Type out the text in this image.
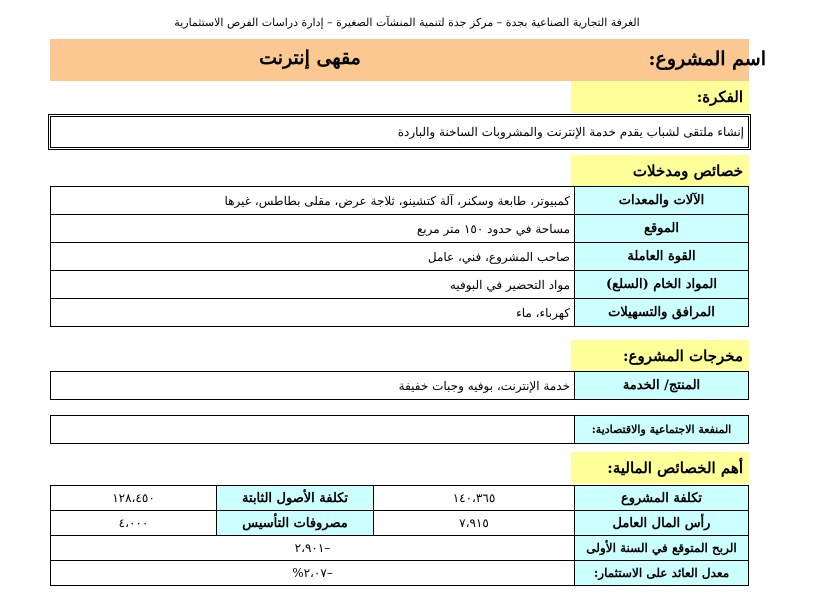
الغرفة التجارية الصناعية بجدة – مركز جدة لتنمية المنشآت الصغيرة – إدارة دراسات الفرص الاستثمارية
اسم المشروع:
مقهى إنترنت
الفكرة:
إنشاء ملتقى لشباب يقدم خدمة الإنترنت والمشروبات الساخنة والباردة
خصائص ومدخلات
الآلات والمعدات	كمبيوتر، طابعة وسكنر، آلة كتشينو، ثلاجة عرض، مقلى بطاطس، غيرها
الموقع	مساحة في حدود ١٥٠ متر مربع
القوة العاملة	صاحب المشروع، فني، عامل
المواد الخام (السلع)	مواد التحضير في البوفيه
المرافق والتسهيلات	كهرباء، ماء
مخرجات المشروع:
المنتج/ الخدمة	خدمة الإنترنت، بوفيه وجبات خفيفة
المنفعة الاجتماعية والاقتصادية:	
أهم الخصائص المالية:
تكلفة المشروع	١٤٠،٣٦٥	تكلفة الأصول الثابتة	١٢٨،٤٥٠
رأس المال العامل	٧،٩١٥	مصروفات التأسيس	٤،٠٠٠
الربح المتوقع في السنة الأولى	–٢،٩٠١		
معدل العائد على الاستثمار:	–٢،٠٧%		
